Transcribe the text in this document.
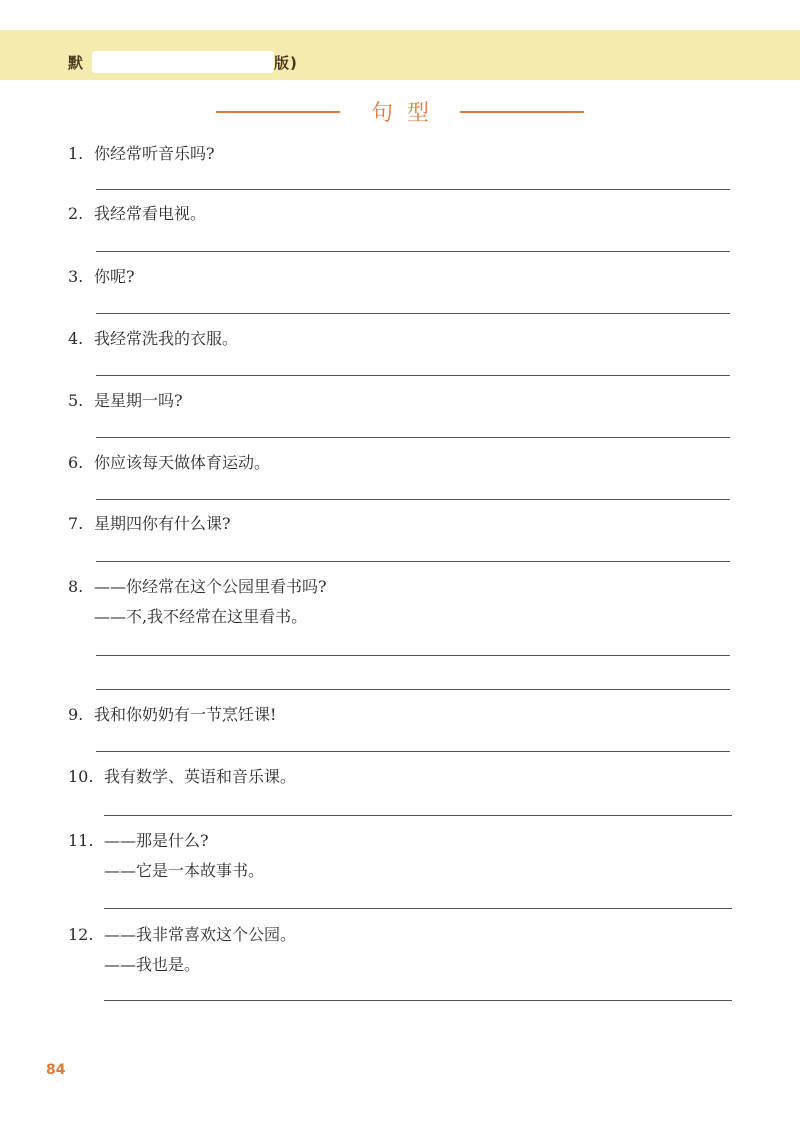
默	版)
句型
1. 你经常听音乐吗?
2. 我经常看电视。
3. 你呢?
4. 我经常洗我的衣服。
5. 是星期一吗?
6. 你应该每天做体育运动。
7. 星期四你有什么课?
8. ——你经常在这个公园里看书吗?
——不,我不经常在这里看书。
9. 我和你奶奶有一节烹饪课!
10. 我有数学、英语和音乐课。
11. ——那是什么?
——它是一本故事书。
12. ——我非常喜欢这个公园。
——我也是。
84
